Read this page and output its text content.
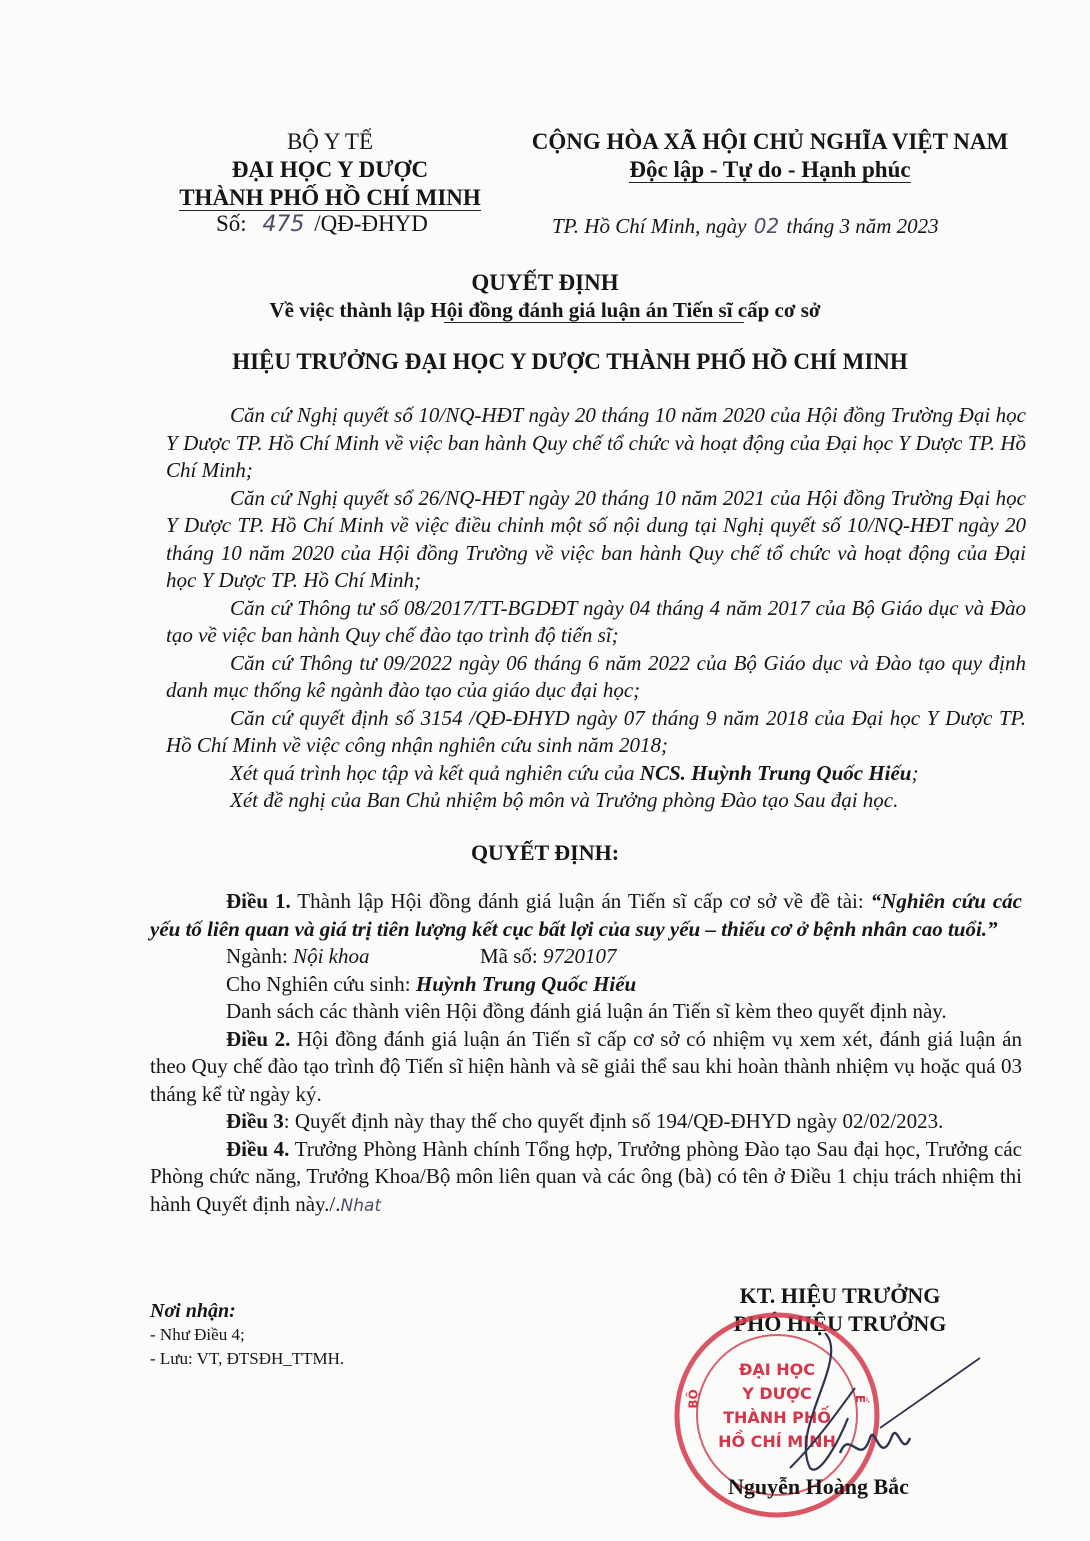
BỘ Y TẾ
ĐẠI HỌC Y DƯỢC
THÀNH PHỐ HỒ CHÍ MINH
Số: 475 /QĐ-ĐHYD
CỘNG HÒA XÃ HỘI CHỦ NGHĨA VIỆT NAM
Độc lập - Tự do - Hạnh phúc
TP. Hồ Chí Minh, ngày 02 tháng 3 năm 2023
QUYẾT ĐỊNH
Về việc thành lập Hội đồng đánh giá luận án Tiến sĩ cấp cơ sở
HIỆU TRƯỞNG ĐẠI HỌC Y DƯỢC THÀNH PHỐ HỒ CHÍ MINH
Căn cứ Nghị quyết số 10/NQ-HĐT ngày 20 tháng 10 năm 2020 của Hội đồng Trường Đại học Y Dược TP. Hồ Chí Minh về việc ban hành Quy chế tổ chức và hoạt động của Đại học Y Dược TP. Hồ Chí Minh;
Căn cứ Nghị quyết số 26/NQ-HĐT ngày 20 tháng 10 năm 2021 của Hội đồng Trường Đại học Y Dược TP. Hồ Chí Minh về việc điều chỉnh một số nội dung tại Nghị quyết số 10/NQ-HĐT ngày 20 tháng 10 năm 2020 của Hội đồng Trường về việc ban hành Quy chế tổ chức và hoạt động của Đại học Y Dược TP. Hồ Chí Minh;
Căn cứ Thông tư số 08/2017/TT-BGDĐT ngày 04 tháng 4 năm 2017 của Bộ Giáo dục và Đào tạo về việc ban hành Quy chế đào tạo trình độ tiến sĩ;
Căn cứ Thông tư 09/2022 ngày 06 tháng 6 năm 2022 của Bộ Giáo dục và Đào tạo quy định danh mục thống kê ngành đào tạo của giáo dục đại học;
Căn cứ quyết định số 3154 /QĐ-ĐHYD ngày 07 tháng 9 năm 2018 của Đại học Y Dược TP. Hồ Chí Minh về việc công nhận nghiên cứu sinh năm 2018;
Xét quá trình học tập và kết quả nghiên cứu của NCS. Huỳnh Trung Quốc Hiếu;
Xét đề nghị của Ban Chủ nhiệm bộ môn và Trưởng phòng Đào tạo Sau đại học.
QUYẾT ĐỊNH:
Điều 1. Thành lập Hội đồng đánh giá luận án Tiến sĩ cấp cơ sở về đề tài: “Nghiên cứu các yếu tố liên quan và giá trị tiên lượng kết cục bất lợi của suy yếu – thiếu cơ ở bệnh nhân cao tuổi.”
Ngành: Nội khoa	Mã số: 9720107
Cho Nghiên cứu sinh: Huỳnh Trung Quốc Hiếu
Danh sách các thành viên Hội đồng đánh giá luận án Tiến sĩ kèm theo quyết định này.
Điều 2. Hội đồng đánh giá luận án Tiến sĩ cấp cơ sở có nhiệm vụ xem xét, đánh giá luận án theo Quy chế đào tạo trình độ Tiến sĩ hiện hành và sẽ giải thể sau khi hoàn thành nhiệm vụ hoặc quá 03 tháng kể từ ngày ký.
Điều 3: Quyết định này thay thế cho quyết định số 194/QĐ-ĐHYD ngày 02/02/2023.
Điều 4. Trưởng Phòng Hành chính Tổng hợp, Trưởng phòng Đào tạo Sau đại học, Trưởng các Phòng chức năng, Trưởng Khoa/Bộ môn liên quan và các ông (bà) có tên ở Điều 1 chịu trách nhiệm thi hành Quyết định này./.Nhat
Nơi nhận:
- Như Điều 4;
- Lưu: VT, ĐTSĐH_TTMH.
KT. HIỆU TRƯỞNG
PHÓ HIỆU TRƯỞNG
ĐẠI HỌC
Y DƯỢC
THÀNH PHỐ
HỒ CHÍ MINH
BỘ	Ế
Nguyễn Hoàng Bắc
